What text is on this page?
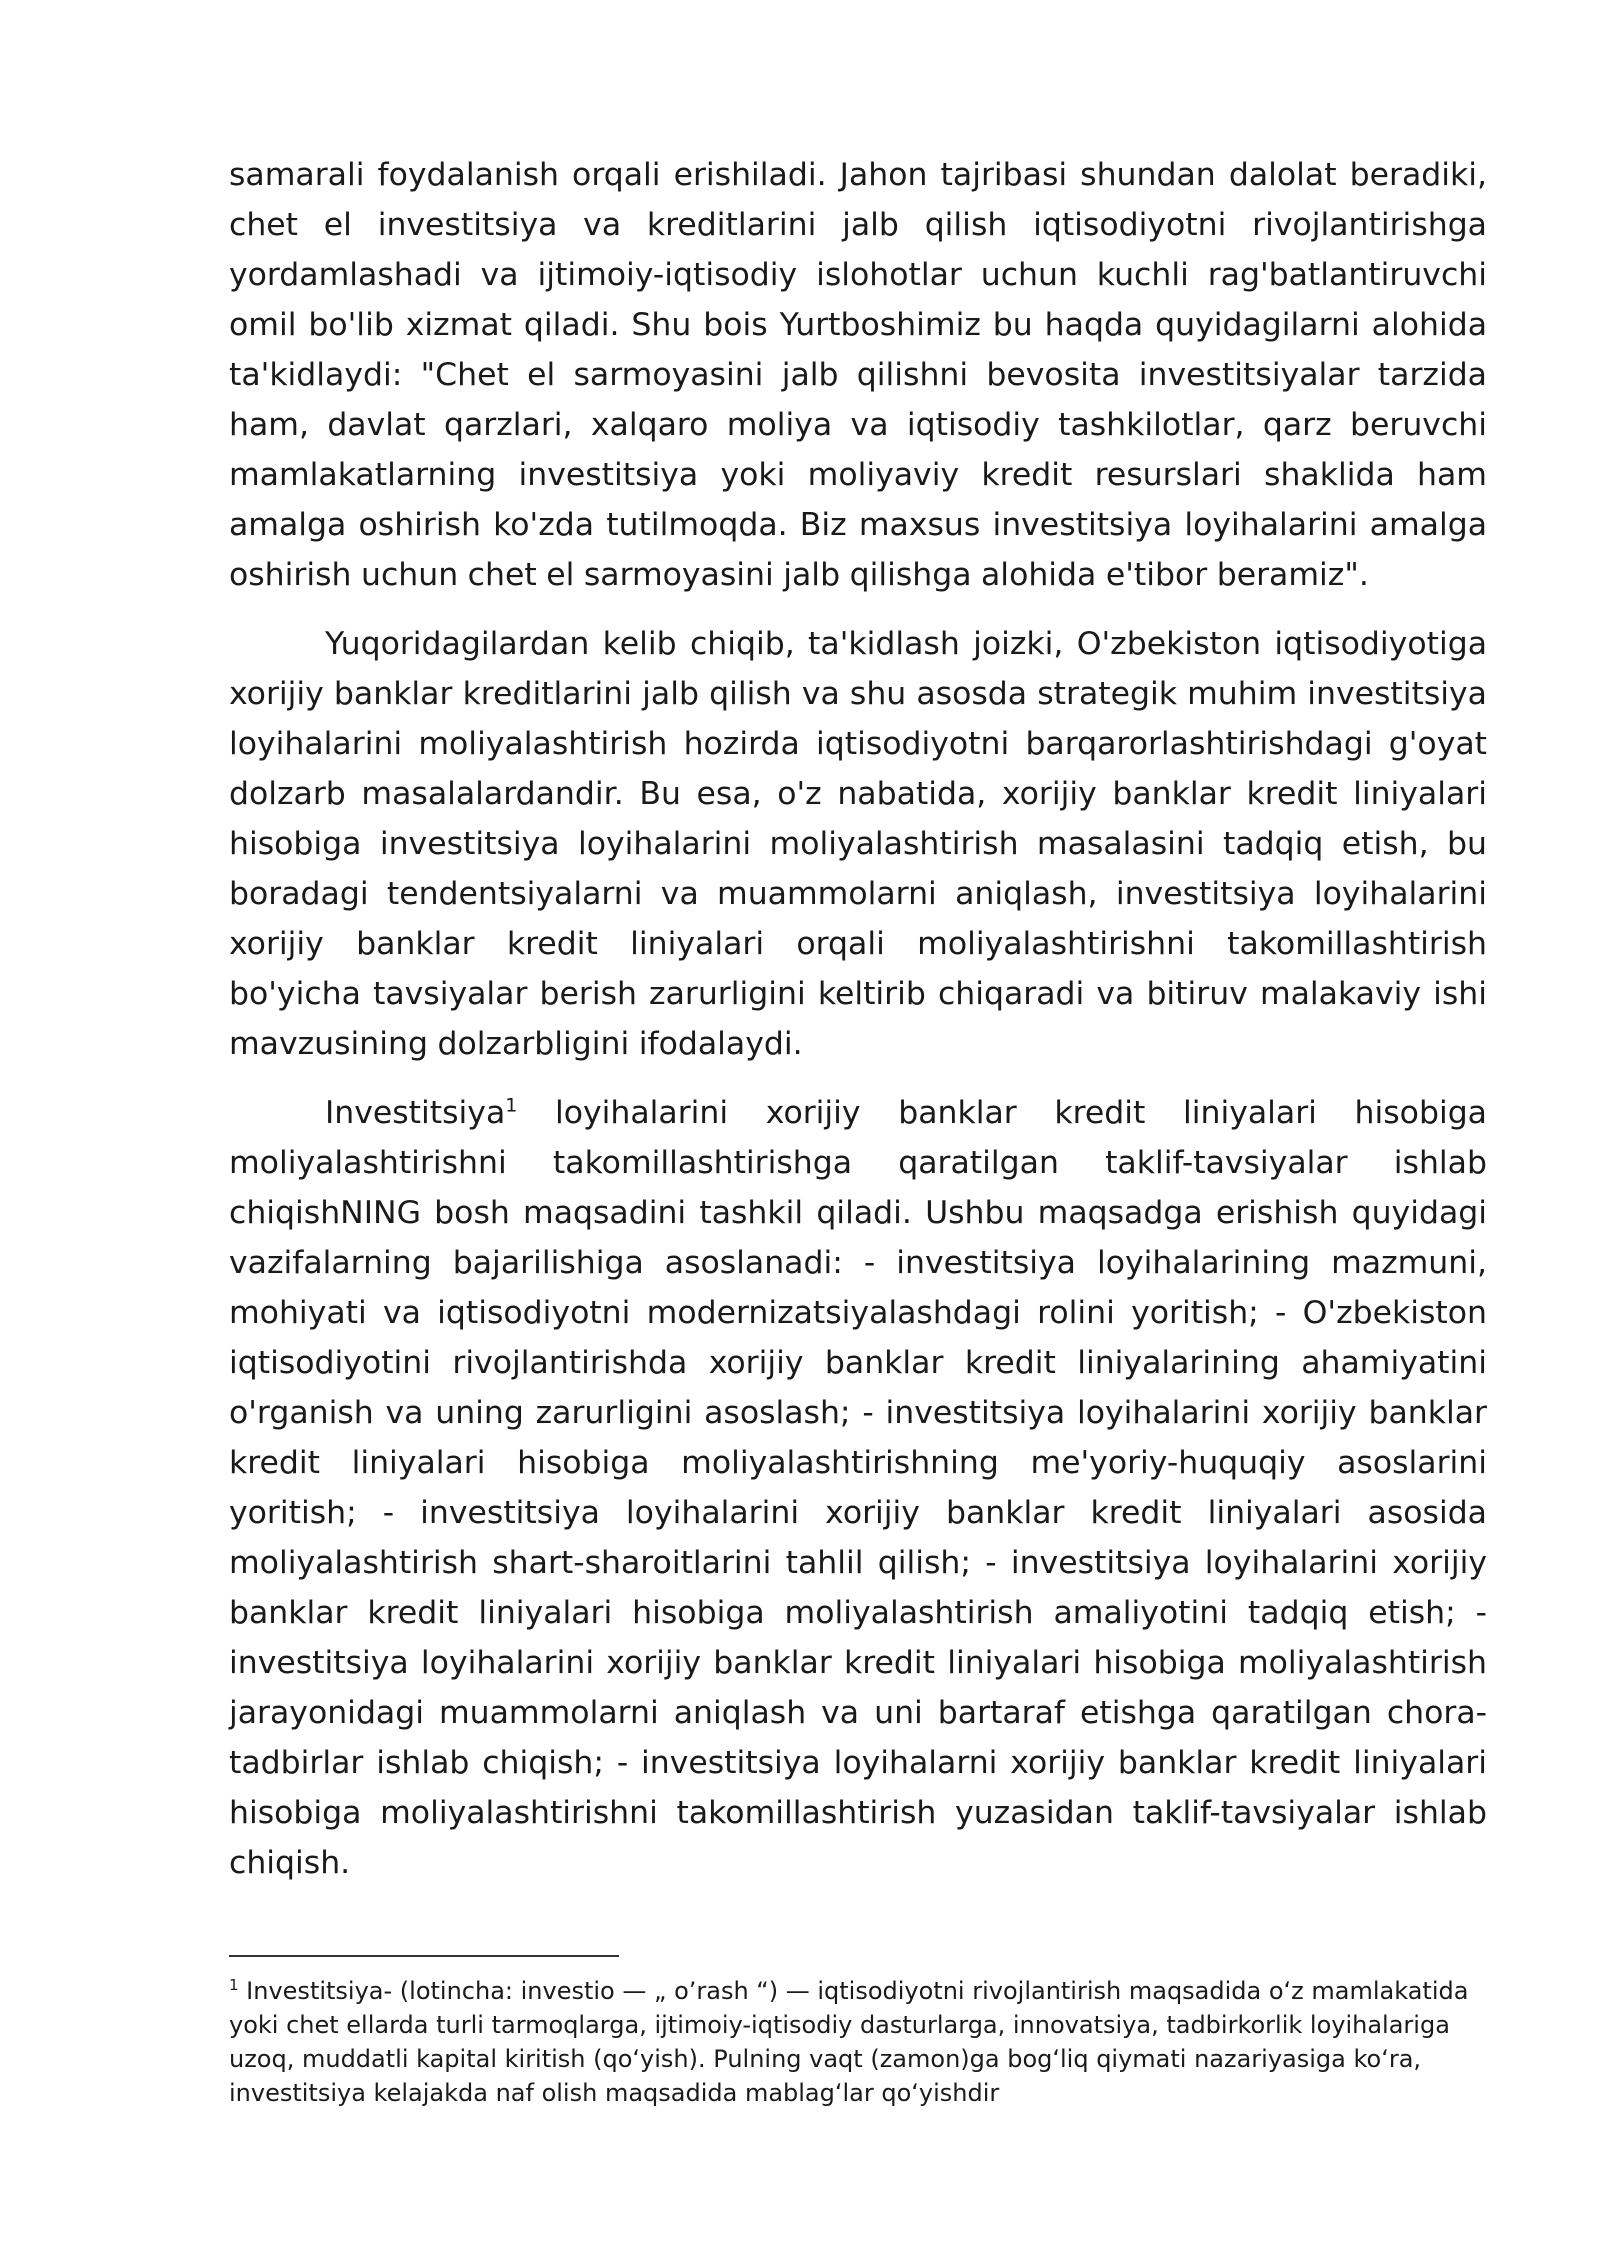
samarali foydalanish orqali erishiladi. Jahon tajribasi shundan dalolat beradiki, chet el investitsiya va kreditlarini jalb qilish iqtisodiyotni rivojlantirishga yordamlashadi va ijtimoiy-iqtisodiy islohotlar uchun kuchli rag'batlantiruvchi omil bo'lib xizmat qiladi. Shu bois Yurtboshimiz bu haqda quyidagilarni alohida ta'kidlaydi: "Chet el sarmoyasini jalb qilishni bevosita investitsiyalar tarzida ham, davlat qarzlari, xalqaro moliya va iqtisodiy tashkilotlar, qarz beruvchi mamlakatlarning investitsiya yoki moliyaviy kredit resurslari shaklida ham amalga oshirish ko'zda tutilmoqda. Biz maxsus investitsiya loyihalarini amalga oshirish uchun chet el sarmoyasini jalb qilishga alohida e'tibor beramiz".

Yuqoridagilardan kelib chiqib, ta'kidlash joizki, O'zbekiston iqtisodiyotiga xorijiy banklar kreditlarini jalb qilish va shu asosda strategik muhim investitsiya loyihalarini moliyalashtirish hozirda iqtisodiyotni barqarorlashtirishdagi g'oyat dolzarb masalalardandir. Bu esa, o'z nabatida, xorijiy banklar kredit liniyalari hisobiga investitsiya loyihalarini moliyalashtirish masalasini tadqiq etish, bu boradagi tendentsiyalarni va muammolarni aniqlash, investitsiya loyihalarini xorijiy banklar kredit liniyalari orqali moliyalashtirishni takomillashtirish bo'yicha tavsiyalar berish zarurligini keltirib chiqaradi va bitiruv malakaviy ishi mavzusining dolzarbligini ifodalaydi.

Investitsiya$^1$ loyihalarini xorijiy banklar kredit liniyalari hisobiga moliyalashtirishni takomillashtirishga qaratilgan taklif-tavsiyalar ishlab chiqishNING bosh maqsadini tashkil qiladi. Ushbu maqsadga erishish quyidagi vazifalarning bajarilishiga asoslanadi: - investitsiya loyihalarining mazmuni, mohiyati va iqtisodiyotni modernizatsiyalashdagi rolini yoritish; - O'zbekiston iqtisodiyotini rivojlantirishda xorijiy banklar kredit liniyalarining ahamiyatini o'rganish va uning zarurligini asoslash; - investitsiya loyihalarini xorijiy banklar kredit liniyalari hisobiga moliyalashtirishning me'yoriy-huquqiy asoslarini yoritish; - investitsiya loyihalarini xorijiy banklar kredit liniyalari asosida moliyalashtirish shart-sharoitlarini tahlil qilish; - investitsiya loyihalarini xorijiy banklar kredit liniyalari hisobiga moliyalashtirish amaliyotini tadqiq etish; - investitsiya loyihalarini xorijiy banklar kredit liniyalari hisobiga moliyalashtirish jarayonidagi muammolarni aniqlash va uni bartaraf etishga qaratilgan chora-tadbirlar ishlab chiqish; - investitsiya loyihalarni xorijiy banklar kredit liniyalari hisobiga moliyalashtirishni takomillashtirish yuzasidan taklif-tavsiyalar ishlab chiqish.

$^1$ Investitsiya- (lotincha: investio — „ o’rash “) — iqtisodiyotni rivojlantirish maqsadida oʻz mamlakatida yoki chet ellarda turli tarmoqlarga, ijtimoiy-iqtisodiy dasturlarga, innovatsiya, tadbirkorlik loyihalariga uzoq, muddatli kapital kiritish (qoʻyish). Pulning vaqt (zamon)ga bogʻliq qiymati nazariyasiga koʻra, investitsiya kelajakda naf olish maqsadida mablagʻlar qoʻyishdir
